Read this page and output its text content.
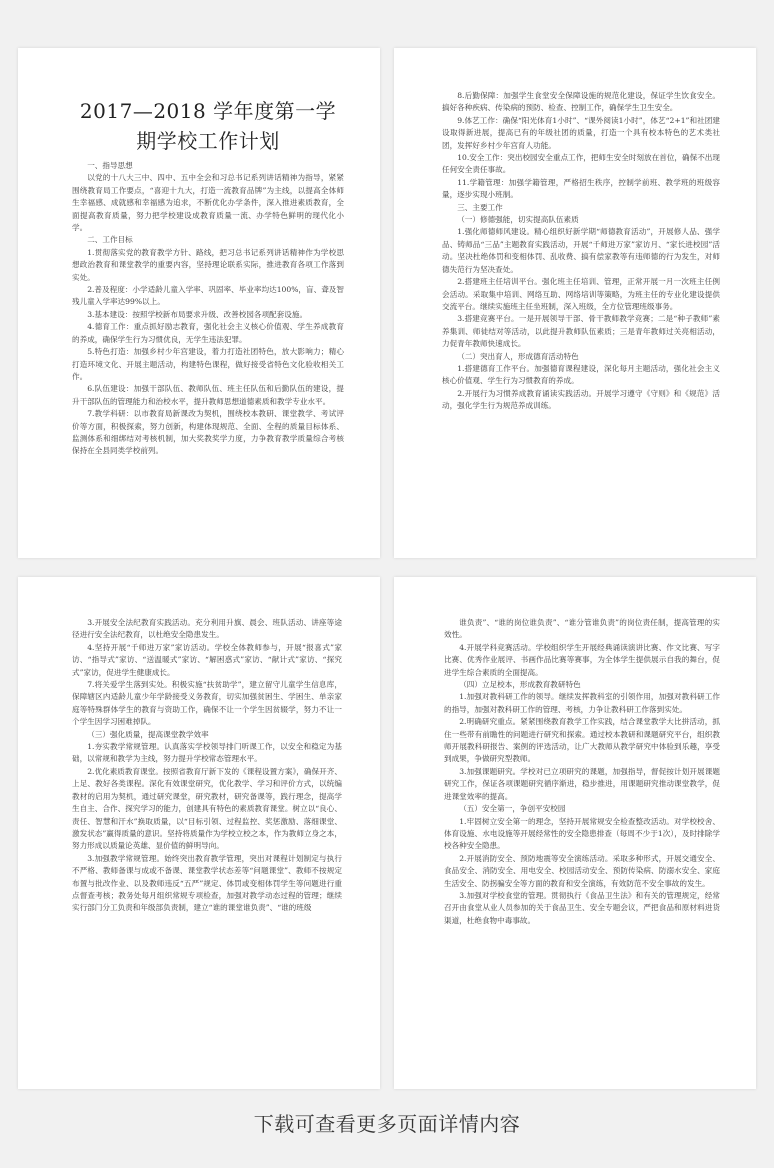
2017—2018 学年度第一学
期学校工作计划

一、指导思想

以党的十八大三中、四中、五中全会和习总书记系列讲话精神为指导，紧紧围绕教育局工作要点，“喜迎十九大，打造一流教育品牌”为主线，以提高全体师生幸福感、成就感和幸福感为追求，不断优化办学条件，深入推进素质教育，全面提高教育质量，努力把学校建设成教育质量一流、办学特色鲜明的现代化小学。

二、工作目标

1.贯彻落实党的教育教学方针、路线，把习总书记系列讲话精神作为学校思想政治教育和课堂教学的重要内容，坚持理论联系实际，推进教育各项工作落到实处。

2.普及程度：小学适龄儿童入学率、巩固率、毕业率均达100%，盲、聋及智残儿童入学率达99%以上。

3.基本建设：按照学校新布局要求升级、改善校园各项配套设施。

4.德育工作：重点抓好励志教育，强化社会主义核心价值观、学生养成教育的养成，确保学生行为习惯优良，无学生违法犯罪。

5.特色打造：加强乡村少年宫建设，着力打造社团特色，放大影响力；精心打造环境文化、开展主题活动，构建特色课程，做好接受省特色文化验收相关工作。

6.队伍建设：加强干部队伍、教师队伍、班主任队伍和后勤队伍的建设，提升干部队伍的管理能力和治校水平，提升教师思想道德素质和教学专业水平。

7.教学科研：以市教育局新课改为契机，围绕校本教研、课堂教学、考试评价等方面，积极探索，努力创新，构建体现规范、全面、全程的质量目标体系、监测体系和细绑结对考核机制，加大奖教奖学力度，力争教育教学质量综合考核保持在全县同类学校前列。

8.后勤保障：加强学生食堂安全保障设施的规范化建设，保证学生饮食安全。搞好各种疾病、传染病的预防、检查、控制工作，确保学生卫生安全。

9.体艺工作：确保“阳光体育1小时”、“课外阅读1小时”，体艺“2+1”和社团建设取得新进展，提高已有的年级社团的质量，打造一个具有校本特色的艺术类社团，发挥好乡村少年宫育人功能。

10.安全工作：突出校园安全重点工作，把师生安全时刻放在首位，确保不出现任何安全责任事故。

11.学籍管理：加强学籍管理，严格招生秩序，控制学前班、教学班的班级容量，逐步实现小班制。

三、主要工作

（一）修德强能，切实提高队伍素质

1.强化师德师风建设。精心组织好新学期“师德教育活动”，开展修人品、强学品、铸师品“三品”主题教育实践活动，开展“千师进万家”家访月、“家长进校园”活动。坚决杜绝体罚和变相体罚、乱收费、搞有偿家教等有违师德的行为发生，对师德失范行为坚决查处。

2.搭建班主任培训平台。强化班主任培训、管理，正常开展一月一次班主任例会活动。采取集中培训、网络互助、网络培训等策略，为班主任的专业化建设提供交流平台。继续实施班主任坐班制，深入班级，全方位管理班级事务。

3.搭建竞赛平台。一是开展领导干部、骨干教师教学竞赛；二是“种子教师”素养集训、师徒结对等活动，以此提升教师队伍素质；三是青年教师过关亮相活动，力促青年教师快速成长。

（二）突出育人，形成德育活动特色

1.搭建德育工作平台。加强德育课程建设，深化每月主题活动，强化社会主义核心价值观、学生行为习惯教育的养成。

2.开展行为习惯养成教育诵读实践活动。开展学习遵守《守则》和《规范》活动，强化学生行为规范养成训练。

3.开展安全法纪教育实践活动。充分利用升旗、晨会、班队活动、讲座等途径进行安全法纪教育，以杜绝安全隐患发生。

4.坚持开展“千师进万家”家访活动。学校全体教师参与，开展“报喜式”家访、“指导式”家访、“送温暖式”家访、“解困惑式”家访、“献计式”家访、“探究式”家访，促进学生健康成长。

7.将关爱学生落到实处。积极实施“扶贫助学”，建立留守儿童学生信息库，保障辖区内适龄儿童少年学龄接受义务教育，切实加强贫困生、学困生、单亲家庭等特殊群体学生的教育与资助工作，确保不让一个学生因贫辍学，努力不让一个学生因学习困难掉队。

（三）强化质量，提高课堂教学效率

1.夯实教学常规管理。认真落实学校领导排门听课工作，以安全和稳定为基础，以常规和教学为主线，努力提升学校常态管理水平。

2.优化素质教育课堂。按照省教育厅新下发的《课程设置方案》，确保开齐、上足、教好各类课程。深化有效课堂研究，优化教学、学习和评价方式，以统编教材的启用为契机，通过研究课堂，研究教材，研究备课等，践行理念，提高学生自主、合作、探究学习的能力，创建具有特色的素质教育课堂。树立以“良心、责任、智慧和汗水”换取质量，以“目标引领、过程监控、奖惩激励、落细课堂、激发状态”赢得质量的意识。坚持将质量作为学校立校之本，作为教师立身之本，努力形成以质量论英雄、显价值的鲜明导向。

3.加强教学常规管理。始终突出教育教学管理，突出对课程计划制定与执行不严格、教师备课与成或不备课、课堂教学状态差等“问题课堂”、教师不按规定布置与批改作业、以及教师违反“五严”规定、体罚或变相体罚学生等问题进行重点督查考核；教务处每月组织常规专项检查，加强对教学动态过程的管理；继续实行部门分工负责和年级部负责制，建立“谁的课堂谁负责”、“谁的班级

谁负责”、“谁的岗位谁负责”、“谁分管谁负责”的岗位责任制，提高管理的实效性。

4.开展学科竞赛活动。学校组织学生开展经典诵读演讲比赛、作文比赛、写字比赛、优秀作业展评、书画作品比赛等赛事，为全体学生提供展示自我的舞台，促进学生综合素质的全面提高。

（四）立足校本，形成教育教研特色

1.加强对教科研工作的领导。继续发挥教科室的引领作用，加强对教科研工作的指导，加强对教科研工作的管理、考核，力争让教科研工作落到实处。

2.明确研究重点。紧紧围绕教育教学工作实践，结合课堂教学大比拼活动，抓住一些带有前瞻性的问题进行研究和探索。通过校本教研和课题研究平台，组织教师开展教科研报告、案例的评选活动，让广大教师从教学研究中体验到乐趣，享受到成果，争做研究型教师。

3.加强课题研究。学校对已立项研究的课题，加强指导，督促按计划开展课题研究工作，保证各项课题研究循序渐进，稳步推进，用课题研究推动课堂教学，促进课堂效率的提高。

（五）安全第一，争创平安校园

1.牢固树立安全第一的理念，坚持开展常规安全检查整改活动。对学校校舍、体育设施、水电设施等开展经常性的安全隐患排查（每周不少于1次），及时排除学校各种安全隐患。

2.开展消防安全、预防地震等安全演练活动。采取多种形式，开展交通安全、食品安全、消防安全、用电安全、校园活动安全、预防传染病、防溺水安全、家庭生活安全、防拐骗安全等方面的教育和安全演练，有效防范不安全事故的发生。

3.加强对学校食堂的管理。贯彻执行《食品卫生法》和有关的管理规定，经常召开由食堂从业人员参加的关于食品卫生、安全专题会议，严把食品和原材料进货渠道，杜绝食物中毒事故。

下载可查看更多页面详情内容
